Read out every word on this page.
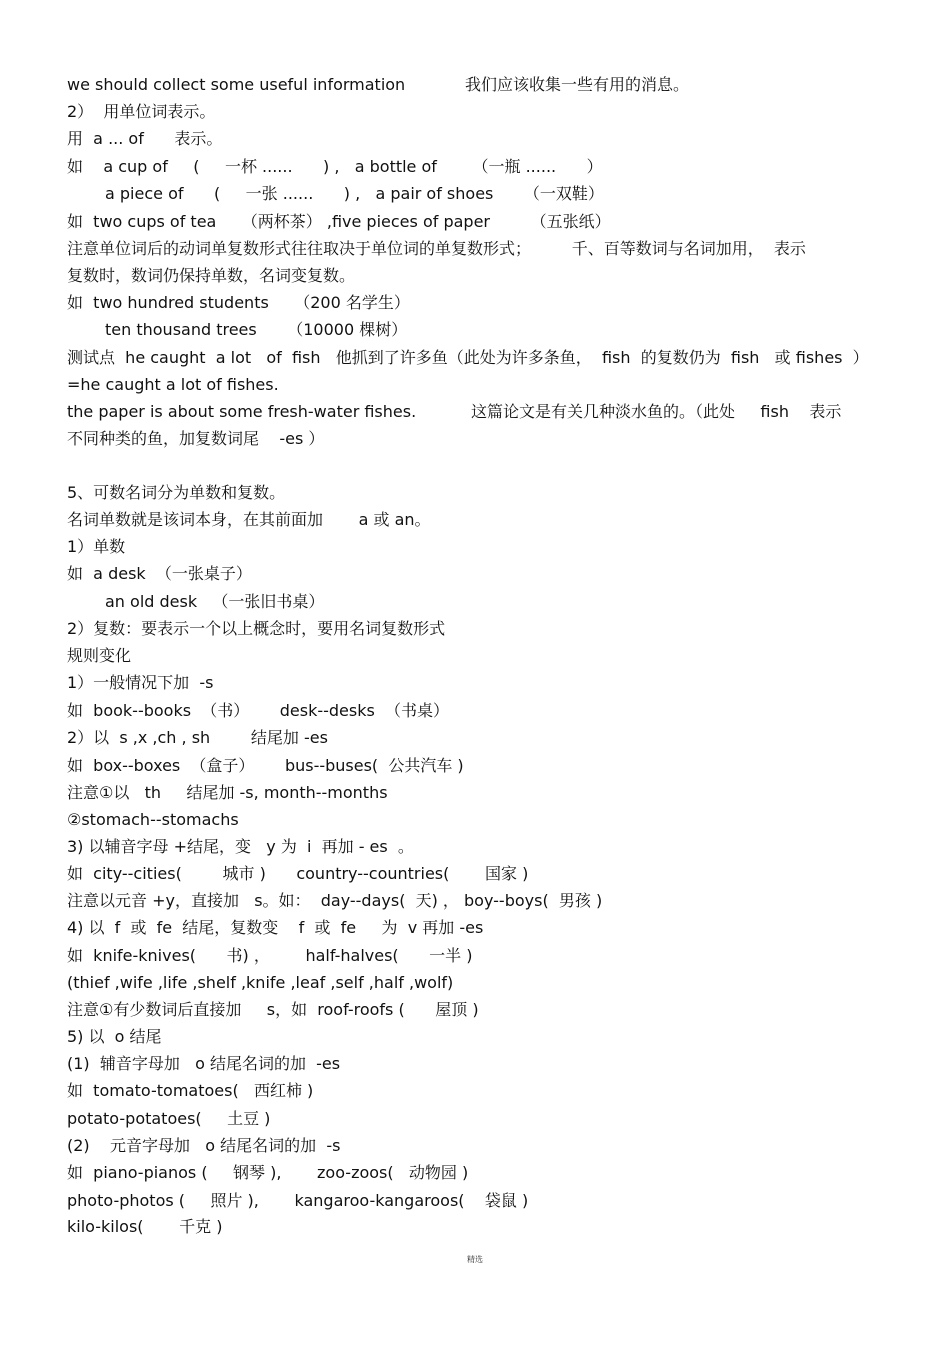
we should collect some useful information	我们应该收集一些有用的消息。
2）  用单位词表示。
用  a ... of      表示。
如    a cup of     (     一杯 ......      ) ,   a bottle of       （一瓶 ......      ）
a piece of      (     一张 ......      ) ,   a pair of shoes      （一双鞋）
如  two cups of tea     （两杯茶） ,five pieces of paper        （五张纸）
注意单位词后的动词单复数形式往往取决于单位词的单复数形式；        千、百等数词与名词加用，  表示
复数时，数词仍保持单数，名词变复数。
如  two hundred students     （200 名学生）
ten thousand trees      （10000 棵树）
测试点  he caught  a lot   of  fish   他抓到了许多鱼（此处为许多条鱼，  fish  的复数仍为  fish   或 fishes  ）
=he caught a lot of fishes.
the paper is about some fresh-water fishes.	这篇论文是有关几种淡水鱼的。（此处     fish    表示
不同种类的鱼，加复数词尾    -es ）
5、可数名词分为单数和复数。
名词单数就是该词本身，在其前面加       a 或 an。
1）单数
如  a desk  （一张桌子）
an old desk   （一张旧书桌）
2）复数：要表示一个以上概念时，要用名词复数形式
规则变化
1）一般情况下加  -s
如  book--books  （书）      desk--desks  （书桌）
2）以  s ,x ,ch , sh        结尾加 -es
如  box--boxes  （盒子）      bus--buses(  公共汽车 )
注意①以   th     结尾加 -s, month--months
②stomach--stomachs
3) 以辅音字母 +结尾，变   y 为  i  再加 - es  。
如  city--cities(        城市 )      country--countries(       国家 )
注意以元音 +y，直接加   s。如：  day--days(  天) ， boy--boys(  男孩 )
4) 以  f  或  fe  结尾，复数变    f  或  fe     为  v 再加 -es
如  knife-knives(      书) ，       half-halves(      一半 )
(thief ,wife ,life ,shelf ,knife ,leaf ,self ,half ,wolf)
注意①有少数词后直接加     s，如  roof-roofs (      屋顶 )
5) 以  o 结尾
(1)  辅音字母加   o 结尾名词的加  -es
如  tomato-tomatoes(   西红柿 )
potato-potatoes(     土豆 )
(2)    元音字母加   o 结尾名词的加  -s
如  piano-pianos (     钢琴 ),       zoo-zoos(   动物园 )
photo-photos (     照片 ),       kangaroo-kangaroos(    袋鼠 )
kilo-kilos(       千克 )
精选
